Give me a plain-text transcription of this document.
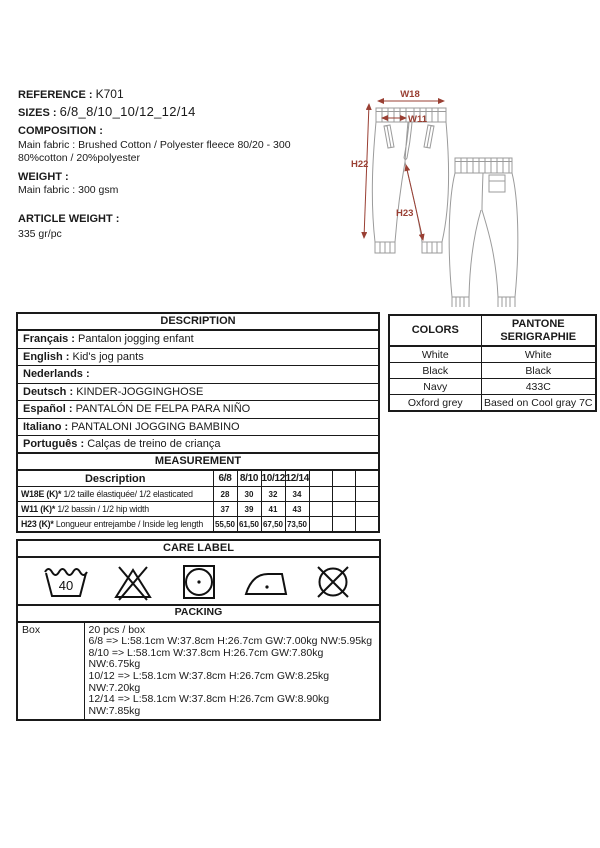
REFERENCE : K701
SIZES : 6/8_8/10_10/12_12/14
COMPOSITION :
Main fabric : Brushed Cotton / Polyester fleece 80/20 - 300
80%cotton / 20%polyester
WEIGHT :
Main fabric : 300 gsm
ARTICLE WEIGHT :
335 gr/pc
W18
W11
H22
H23
DESCRIPTION
Français : Pantalon jogging enfant
English : Kid's jog pants
Nederlands :
Deutsch : KINDER-JOGGINGHOSE
Español : PANTALÓN DE FELPA PARA NIÑO
Italiano : PANTALONI JOGGING BAMBINO
Português : Calças de treino de criança
COLORS	PANTONE
SERIGRAPHIE

White	White
Black	Black
Navy	433C
Oxford grey	Based on Cool gray 7C
MEASUREMENT							
Description	6/8	8/10	10/12	12/14			
W18E (K)* 1/2 taille élastiquée/ 1/2 elasticated	28	30	32	34			
W11 (K)* 1/2 bassin / 1/2 hip width	37	39	41	43			
H23 (K)* Longueur entrejambe / Inside leg length	55,50	61,50	67,50	73,50			
CARE LABEL

40
PACKING
Box	20 pcs / box
6/8 => L:58.1cm W:37.8cm H:26.7cm GW:7.00kg NW:5.95kg
8/10 => L:58.1cm W:37.8cm H:26.7cm GW:7.80kg NW:6.75kg
10/12 => L:58.1cm W:37.8cm H:26.7cm GW:8.25kg NW:7.20kg
12/14 => L:58.1cm W:37.8cm H:26.7cm GW:8.90kg NW:7.85kg
